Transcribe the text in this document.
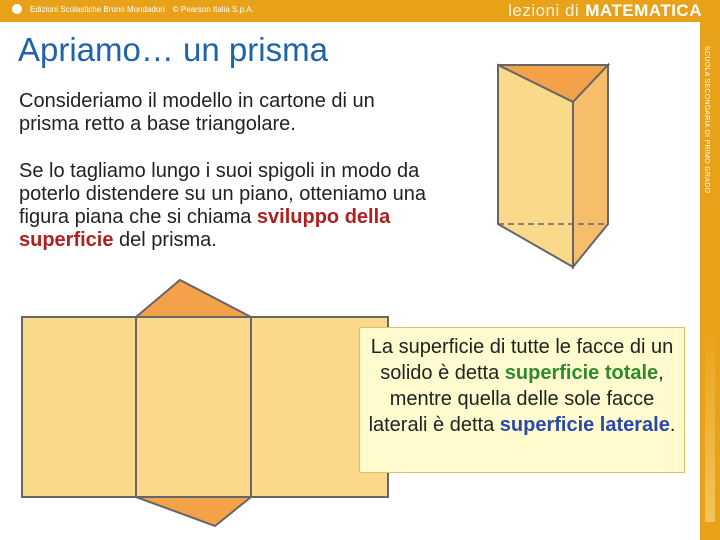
Edizioni Scolastiche Bruno Mondadori © Pearson Italia S.p.A.	lezioni di MATEMATICA
SCUOLA SECONDARIA DI PRIMO GRADO
Apriamo… un prisma
Consideriamo il modello in cartone di un prisma retto a base triangolare.
Se lo tagliamo lungo i suoi spigoli in modo da poterlo distendere su un piano, otteniamo una figura piana che si chiama sviluppo della superficie del prisma.
La superficie di tutte le facce di un solido è detta superficie totale, mentre quella delle sole facce laterali è detta superficie laterale.
